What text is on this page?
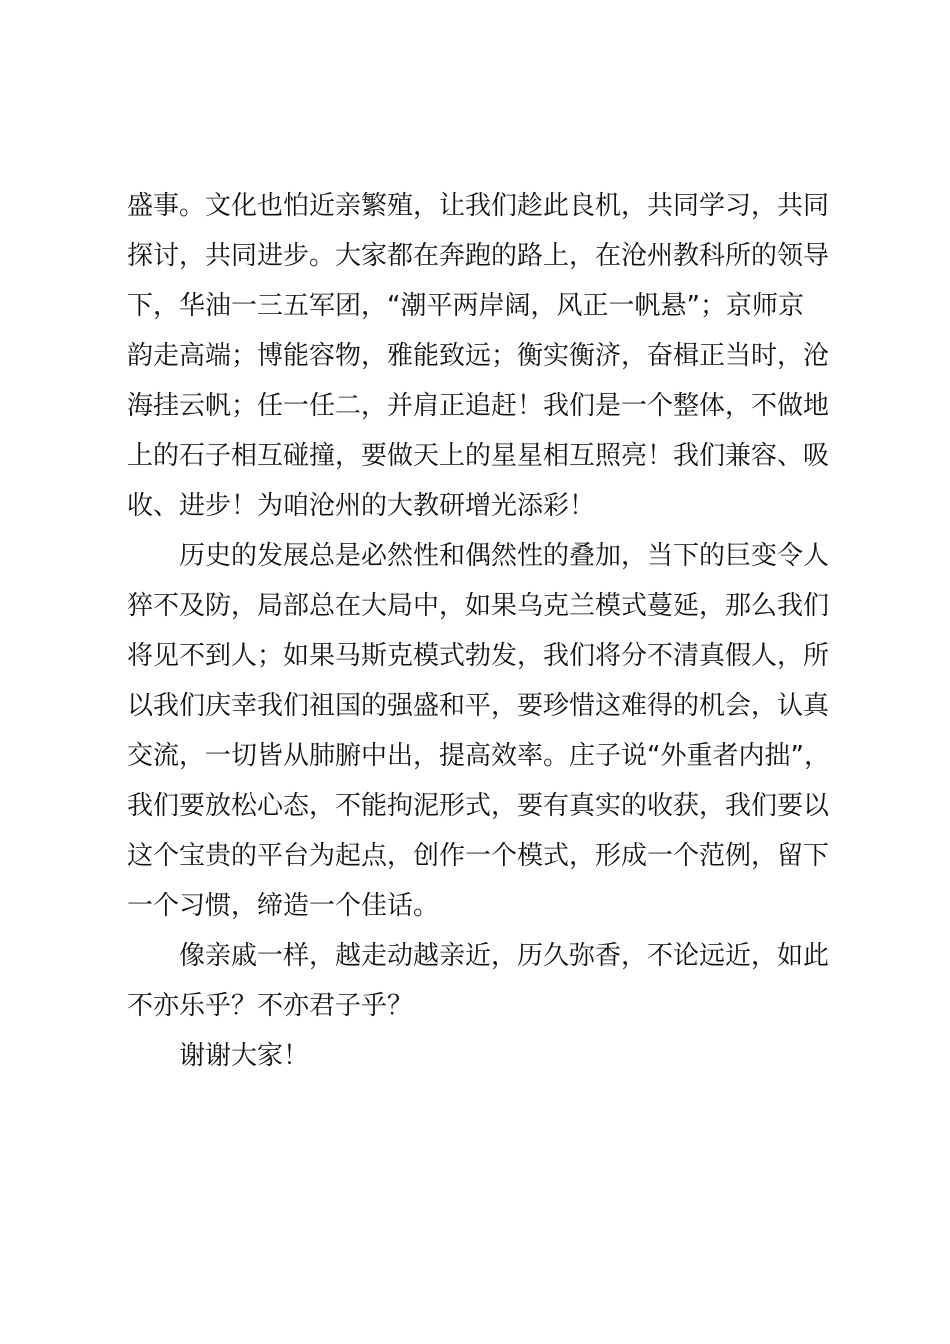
盛事。文化也怕近亲繁殖，让我们趁此良机，共同学习，共同
探讨，共同进步。大家都在奔跑的路上，在沧州教科所的领导
下，华油一三五军团，“潮平两岸阔，风正一帆悬”；京师京
韵走高端；博能容物，雅能致远；衡实衡济，奋楫正当时，沧
海挂云帆；任一任二，并肩正追赶！我们是一个整体，不做地
上的石子相互碰撞，要做天上的星星相互照亮！我们兼容、吸
收、进步！为咱沧州的大教研增光添彩！
历史的发展总是必然性和偶然性的叠加，当下的巨变令人
猝不及防，局部总在大局中，如果乌克兰模式蔓延，那么我们
将见不到人；如果马斯克模式勃发，我们将分不清真假人，所
以我们庆幸我们祖国的强盛和平，要珍惜这难得的机会，认真
交流，一切皆从肺腑中出，提高效率。庄子说“外重者内拙”，
我们要放松心态，不能拘泥形式，要有真实的收获，我们要以
这个宝贵的平台为起点，创作一个模式，形成一个范例，留下
一个习惯，缔造一个佳话。
像亲戚一样，越走动越亲近，历久弥香，不论远近，如此
不亦乐乎？不亦君子乎？
谢谢大家！
